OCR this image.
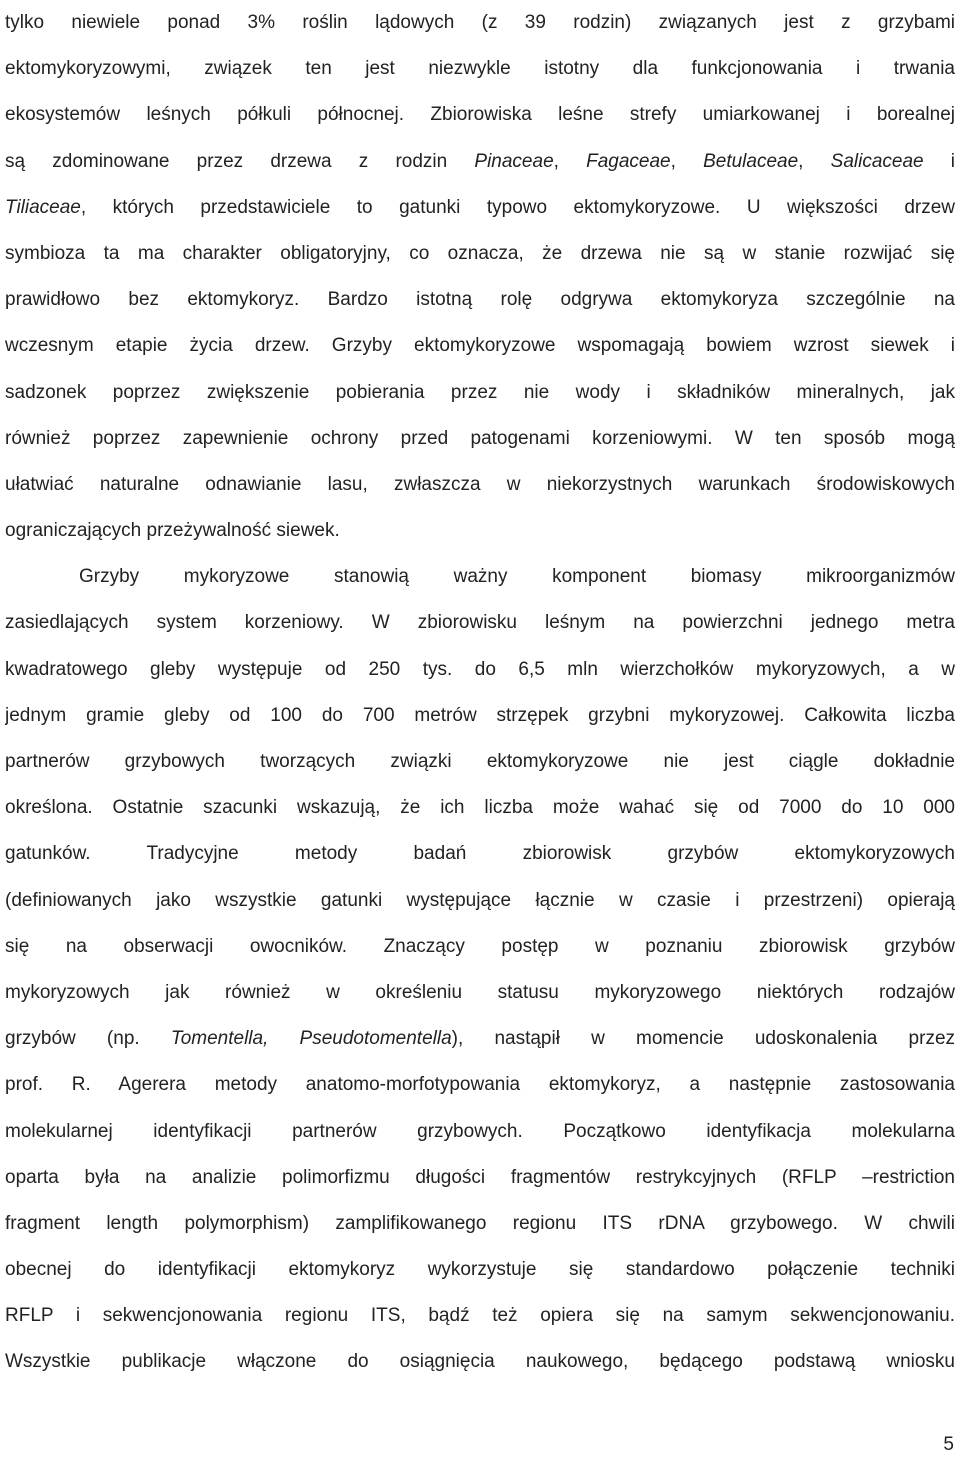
tylko niewiele ponad 3% roślin lądowych (z 39 rodzin) związanych jest z grzybami
ektomykoryzowymi, związek ten jest niezwykle istotny dla funkcjonowania i trwania
ekosystemów leśnych półkuli północnej. Zbiorowiska leśne strefy umiarkowanej i borealnej
są zdominowane przez drzewa z rodzin Pinaceae, Fagaceae, Betulaceae, Salicaceae i
Tiliaceae, których przedstawiciele to gatunki typowo ektomykoryzowe. U większości drzew
symbioza ta ma charakter obligatoryjny, co oznacza, że drzewa nie są w stanie rozwijać się
prawidłowo bez ektomykoryz. Bardzo istotną rolę odgrywa ektomykoryza szczególnie na
wczesnym etapie życia drzew. Grzyby ektomykoryzowe wspomagają bowiem wzrost siewek i
sadzonek poprzez zwiększenie pobierania przez nie wody i składników mineralnych, jak
również poprzez zapewnienie ochrony przed patogenami korzeniowymi. W ten sposób mogą
ułatwiać naturalne odnawianie lasu, zwłaszcza w niekorzystnych warunkach środowiskowych
ograniczających przeżywalność siewek.
Grzyby mykoryzowe stanowią ważny komponent biomasy mikroorganizmów
zasiedlających system korzeniowy. W zbiorowisku leśnym na powierzchni jednego metra
kwadratowego gleby występuje od 250 tys. do 6,5 mln wierzchołków mykoryzowych, a w
jednym gramie gleby od 100 do 700 metrów strzępek grzybni mykoryzowej. Całkowita liczba
partnerów grzybowych tworzących związki ektomykoryzowe nie jest ciągle dokładnie
określona. Ostatnie szacunki wskazują, że ich liczba może wahać się od 7000 do 10 000
gatunków. Tradycyjne metody badań zbiorowisk grzybów ektomykoryzowych
(definiowanych jako wszystkie gatunki występujące łącznie w czasie i przestrzeni) opierają
się na obserwacji owocników. Znaczący postęp w poznaniu zbiorowisk grzybów
mykoryzowych jak również w określeniu statusu mykoryzowego niektórych rodzajów
grzybów (np. Tomentella, Pseudotomentella), nastąpił w momencie udoskonalenia przez
prof. R. Agerera metody anatomo-morfotypowania ektomykoryz, a następnie zastosowania
molekularnej identyfikacji partnerów grzybowych. Początkowo identyfikacja molekularna
oparta była na analizie polimorfizmu długości fragmentów restrykcyjnych (RFLP –restriction
fragment length polymorphism) zamplifikowanego regionu ITS rDNA grzybowego. W chwili
obecnej do identyfikacji ektomykoryz wykorzystuje się standardowo połączenie techniki
RFLP i sekwencjonowania regionu ITS, bądź też opiera się na samym sekwencjonowaniu.
Wszystkie publikacje włączone do osiągnięcia naukowego, będącego podstawą wniosku
5
